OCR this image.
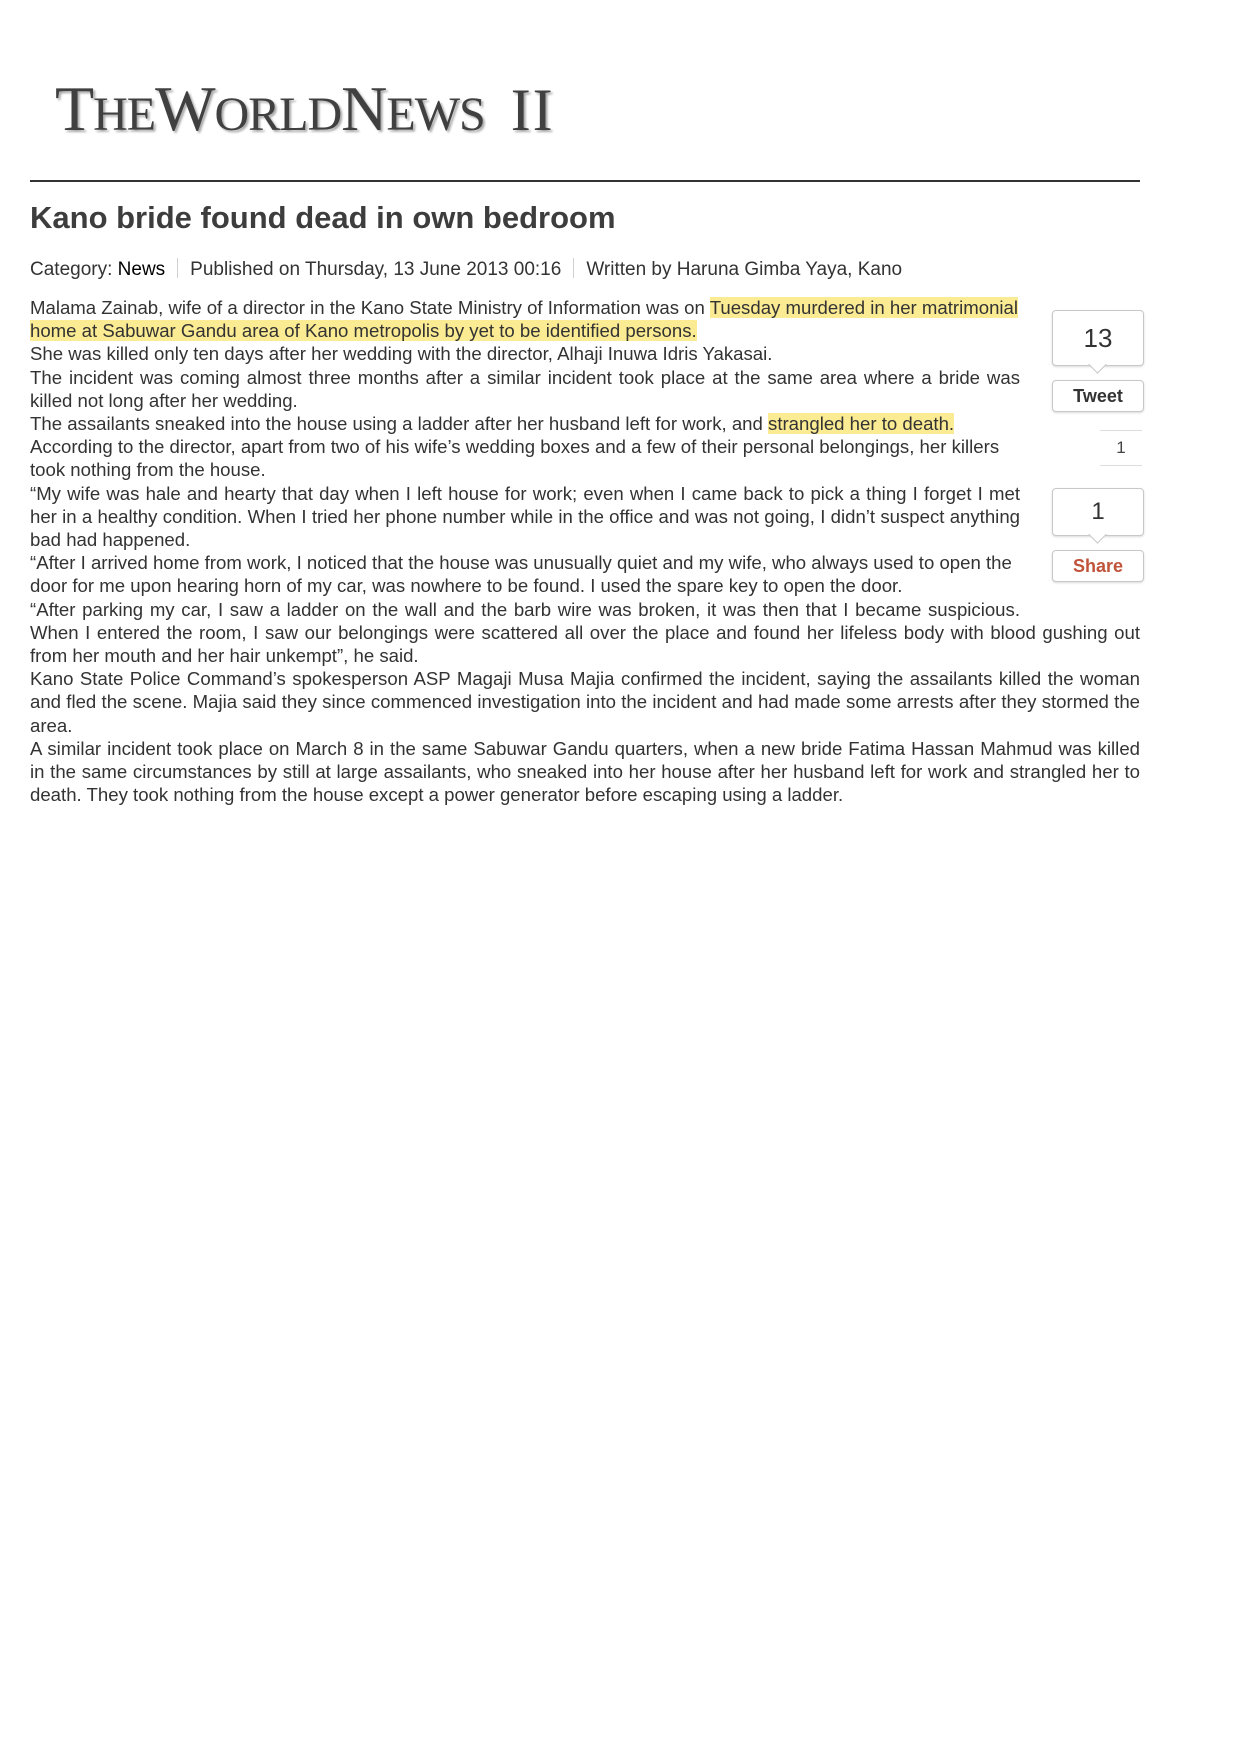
THEWORLDNEWS II
Kano bride found dead in own bedroom
Category: News Published on Thursday, 13 June 2013 00:16 Written by Haruna Gimba Yaya, Kano
13
Tweet
1
1
Share

Malama Zainab, wife of a director in the Kano State Ministry of Information was on Tuesday murdered in her matrimonial home at Sabuwar Gandu area of Kano metropolis by yet to be identified persons.

She was killed only ten days after her wedding with the director, Alhaji Inuwa Idris Yakasai.

The incident was coming almost three months after a similar incident took place at the same area where a bride was killed not long after her wedding.

The assailants sneaked into the house using a ladder after her husband left for work, and strangled her to death.

According to the director, apart from two of his wife’s wedding boxes and a few of their personal belongings, her killers took nothing from the house.

“My wife was hale and hearty that day when I left house for work; even when I came back to pick a thing I forget I met her in a healthy condition. When I tried her phone number while in the office and was not going, I didn’t suspect anything bad had happened.

“After I arrived home from work, I noticed that the house was unusually quiet and my wife, who always used to open the door for me upon hearing horn of my car, was nowhere to be found. I used the spare key to open the door.

“After parking my car, I saw a ladder on the wall and the barb wire was broken, it was then that I became suspicious. When I entered the room, I saw our belongings were scattered all over the place and found her lifeless body with blood gushing out from her mouth and her hair unkempt”, he said.

Kano State Police Command’s spokesperson ASP Magaji Musa Majia confirmed the incident, saying the assailants killed the woman and fled the scene. Majia said they since commenced investigation into the incident and had made some arrests after they stormed the area.

A similar incident took place on March 8 in the same Sabuwar Gandu quarters, when a new bride Fatima Hassan Mahmud was killed in the same circumstances by still at large assailants, who sneaked into her house after her husband left for work and strangled her to death. They took nothing from the house except a power generator before escaping using a ladder.
